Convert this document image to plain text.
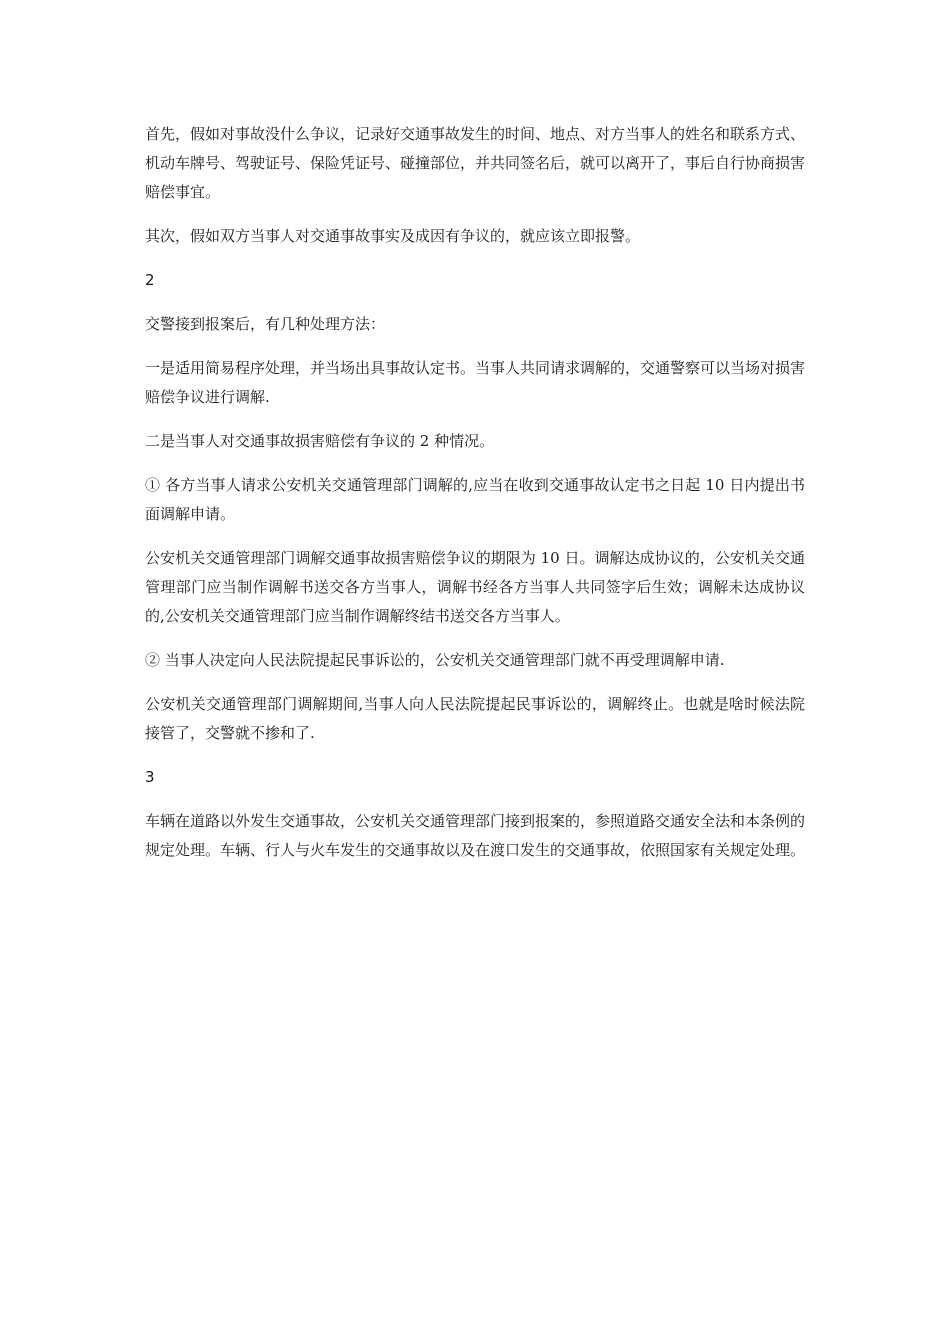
首先，假如对事故没什么争议，记录好交通事故发生的时间、地点、对方当事人的姓名和联系方式、机动车牌号、驾驶证号、保险凭证号、碰撞部位，并共同签名后，就可以离开了，事后自行协商损害赔偿事宜。

其次，假如双方当事人对交通事故事实及成因有争议的，就应该立即报警。

2

交警接到报案后，有几种处理方法：

一是适用简易程序处理，并当场出具事故认定书。当事人共同请求调解的，交通警察可以当场对损害赔偿争议进行调解.

二是当事人对交通事故损害赔偿有争议的 2 种情况。

① 各方当事人请求公安机关交通管理部门调解的,应当在收到交通事故认定书之日起 10 日内提出书面调解申请。

公安机关交通管理部门调解交通事故损害赔偿争议的期限为 10 日。调解达成协议的，公安机关交通管理部门应当制作调解书送交各方当事人，调解书经各方当事人共同签字后生效；调解未达成协议的,公安机关交通管理部门应当制作调解终结书送交各方当事人。

② 当事人决定向人民法院提起民事诉讼的，公安机关交通管理部门就不再受理调解申请.

公安机关交通管理部门调解期间,当事人向人民法院提起民事诉讼的，调解终止。也就是啥时候法院接管了，交警就不掺和了.

3

车辆在道路以外发生交通事故，公安机关交通管理部门接到报案的，参照道路交通安全法和本条例的规定处理。车辆、行人与火车发生的交通事故以及在渡口发生的交通事故，依照国家有关规定处理。
